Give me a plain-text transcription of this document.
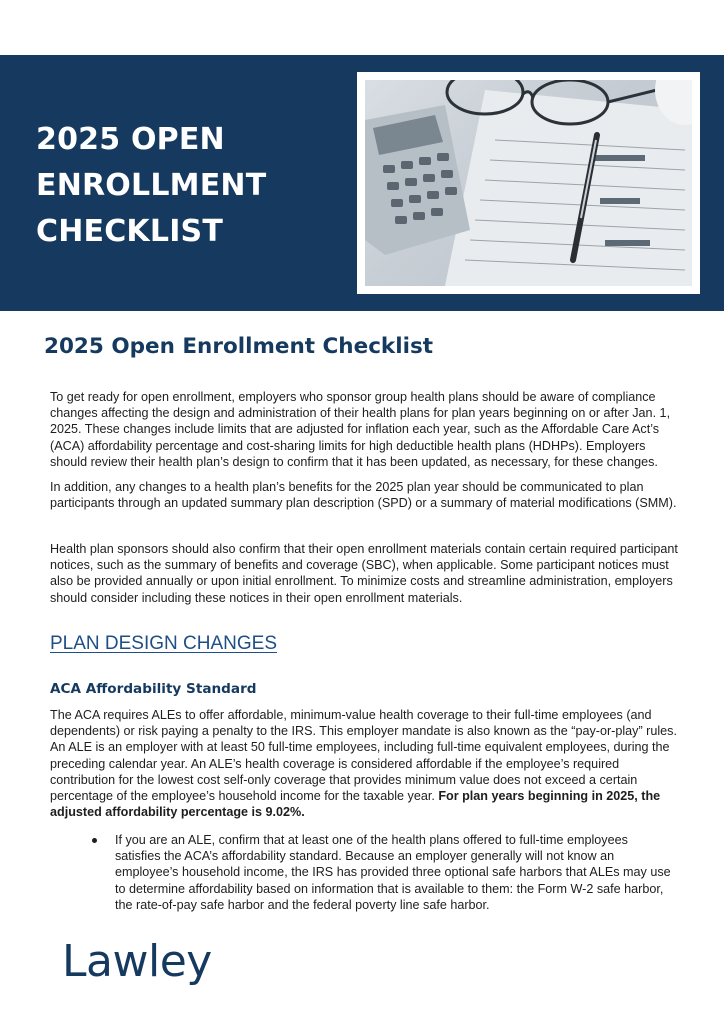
2025 OPEN
ENROLLMENT
CHECKLIST
2025 Open Enrollment Checklist

To get ready for open enrollment, employers who sponsor group health plans should be aware of compliance changes affecting the design and administration of their health plans for plan years beginning on or after Jan. 1, 2025. These changes include limits that are adjusted for inflation each year, such as the Affordable Care Act’s (ACA) affordability percentage and cost-sharing limits for high deductible health plans (HDHPs). Employers should review their health plan’s design to confirm that it has been updated, as necessary, for these changes.

In addition, any changes to a health plan’s benefits for the 2025 plan year should be communicated to plan participants through an updated summary plan description (SPD) or a summary of material modifications (SMM).

Health plan sponsors should also confirm that their open enrollment materials contain certain required participant notices, such as the summary of benefits and coverage (SBC), when applicable. Some participant notices must also be provided annually or upon initial enrollment. To minimize costs and streamline administration, employers should consider including these notices in their open enrollment materials.

PLAN DESIGN CHANGES
ACA Affordability Standard

The ACA requires ALEs to offer affordable, minimum-value health coverage to their full-time employees (and dependents) or risk paying a penalty to the IRS. This employer mandate is also known as the “pay-or-play” rules. An ALE is an employer with at least 50 full-time employees, including full-time equivalent employees, during the preceding calendar year. An ALE’s health coverage is considered affordable if the employee’s required contribution for the lowest cost self-only coverage that provides minimum value does not exceed a certain percentage of the employee’s household income for the taxable year. For plan years beginning in 2025, the adjusted affordability percentage is 9.02%.

If you are an ALE, confirm that at least one of the health plans offered to full-time employees satisfies the ACA’s affordability standard. Because an employer generally will not know an employee’s household income, the IRS has provided three optional safe harbors that ALEs may use to determine affordability based on information that is available to them: the Form W-2 safe harbor, the rate-of-pay safe harbor and the federal poverty line safe harbor.
Lawley
